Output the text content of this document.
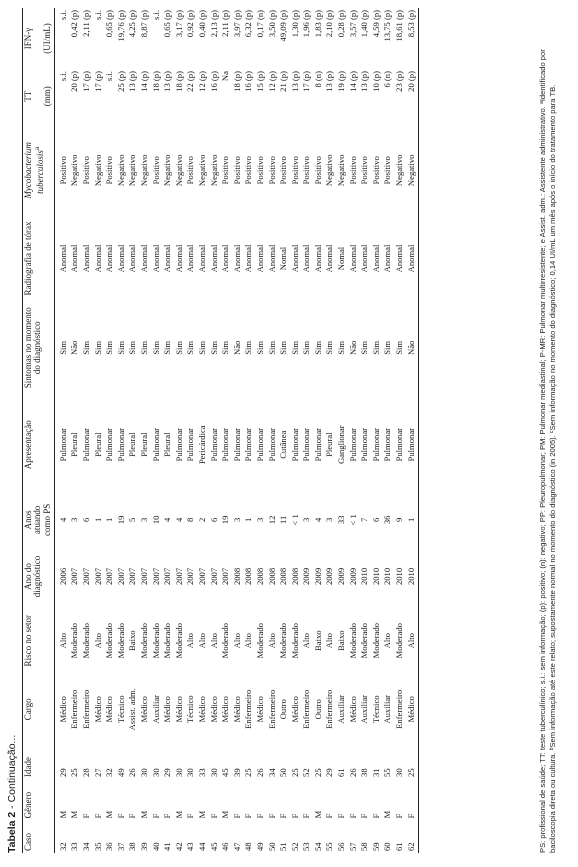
Tabela 2 - Continuação...
Caso	Gênero	Idade	Cargo	Risco no setor	Ano do diagnóstico	Anos atuando como PS	Apresentação	Sintomas no momento do diagnóstico	Radiografia de tórax	Mycobacterium tuberculosis$^a$	TT (mm)	IFN-γ (UI/mL)
32	M	29	Médico	Alto	2006	4	Pulmonar	Sim	Anomal	Positivo	s.i.	s.i.
33	M	25	Enfermeiro	Moderado	2007	3	Pleural	Não	Anomal	Negativo	20 (p)	0,42 (p)
34	F	28	Enfermeiro	Moderado	2007	6	Pulmonar	Sim	Anomal	Positivo	17 (p)	2,11 (p)
35	F	27	Médico	Alto	2007	1	Pleural	Sim	Anomal	Negativo	17 (p)	s.i.
36	M	32	Médico	Moderado	2007	1	Pulmonar	Sim	Anomal	Positivo	s.i.	0,65 (p)
37	F	49	Técnico	Moderado	2007	19	Pulmonar	Sim	Anomal	Negativo	25 (p)	19,76 (p)
38	F	26	Assist. adm.	Baixo	2007	5	Pleural	Sim	Anomal	Negativo	13 (p)	4,25 (p)
39	M	30	Médico	Moderado	2007	3	Pleural	Sim	Anomal	Negativo	14 (p)	8,87 (p)
40	F	30	Auxiliar	Moderado	2007	10	Pulmonar	Sim	Anomal	Positivo	18 (p)	s.i.
41	F	29	Médico	Moderado	2007	4	Pleural	Sim	Anomal	Negativo	13 (p)	0,65 (p)
42	M	30	Médico	Moderado	2007	4	Pulmonar	Sim	Anomal	Negativo	18 (p)	3,17 (p)
43	F	30	Técnico	Alto	2007	8	Pulmonar	Sim	Anomal	Positivo	22 (p)	0,92 (p)
44	M	33	Médico	Alto	2007	2	Pericárdica	Sim	Anomal	Negativo	12 (p)	0,40 (p)
45	F	30	Médico	Alto	2007	6	Pulmonar	Sim	Anomal	Negativo	16 (p)	2,13 (p)
46	M	45	Médico	Moderado	2007	19	Pulmonar	Sim	Anomal	Positivo	Na	2,11 (p)
47	F	39	Médico	Alto	2008	3	Pulmonar	Não	Anomal	Positivo	18 (p)	3,97 (p)
48	F	25	Enfermeiro	Alto	2008	1	Pulmonar	Sim	Anomal	Positivo	16 (p)	6,32 (p)
49	F	26	Médico	Moderado	2008	3	Pulmonar	Sim	Anomal	Positivo	15 (p)	0,17 (n)
50	F	34	Enfermeiro	Alto	2008	12	Pulmonar	Sim	Anomal	Positivo	12 (p)	3,50 (p)
51	F	50	Outro	Moderado	2008	11	Cutânea	Sim	Nomal	Positivo	21 (p)	49,09 (p)
52	F	25	Médico	Moderado	2008	< 1	Pulmonar	Sim	Anomal	Positivo	13 (p)	1,30 (p)
53	F	52	Enfermeiro	Alto	2009	3	Pulmonar	Sim	Anomal	Positivo	17 (p)	1,96 (p)
54	M	25	Outro	Baixo	2009	4	Pulmonar	Sim	Anomal	Positivo	8 (n)	1,83 (p)
55	F	29	Enfermeiro	Alto	2009	3	Pleural	Sim	Anomal	Negativo	13 (p)	2,10 (p)
56	F	61	Auxiliar	Baixo	2009	33	Ganglionar	Sim	Nomal	Negativo	19 (p)	0,28 (p)
57	F	26	Médico	Moderado	2009	< 1	Pulmonar	Não	Anomal	Positivo	14 (p)	3,57 (p)
58	F	38	Auxiliar	Moderado	2010	7	Pulmonar	Sim	Anomal	Positivo	13 (p)	1,40 (p)
59	F	31	Técnico	Moderado	2010	6	Pulmonar	Sim	Anomal	Positivo	10 (p)	4,59 (p)
60	M	55	Auxiliar	Alto	2010	36	Pulmonar	Sim	Anomal	Positivo	6 (n)	13,75 (p)
61	F	30	Enfermeiro	Moderado	2010	9	Pulmonar	Sim	Anomal	Negativo	23 (p)	18,61 (p)
62	F	25	Médico	Alto	2010	1	Pulmonar	Não	Anomal	Negativo	20 (p)	8,53 (p)
PS: profissional de saúde; TT: teste tuberculínico; s.i.: sem informação; (p): positivo; (n): negativo; PP: Pleuropulmonar; PM: Pulmonar mediastinal; P-MR: Pulmonar multirresistente; e Assist. adm.: Assistente administrativo. ᵃIdentificado por baciloscopia direta ou cultura. ᵇSem informação até este relato; supostamente normal no momento do diagnóstico (in 2005). ᶜSem informação no momento do diagnóstico; 0,14 UI/mL um mês após o início do tratamento para TB.
